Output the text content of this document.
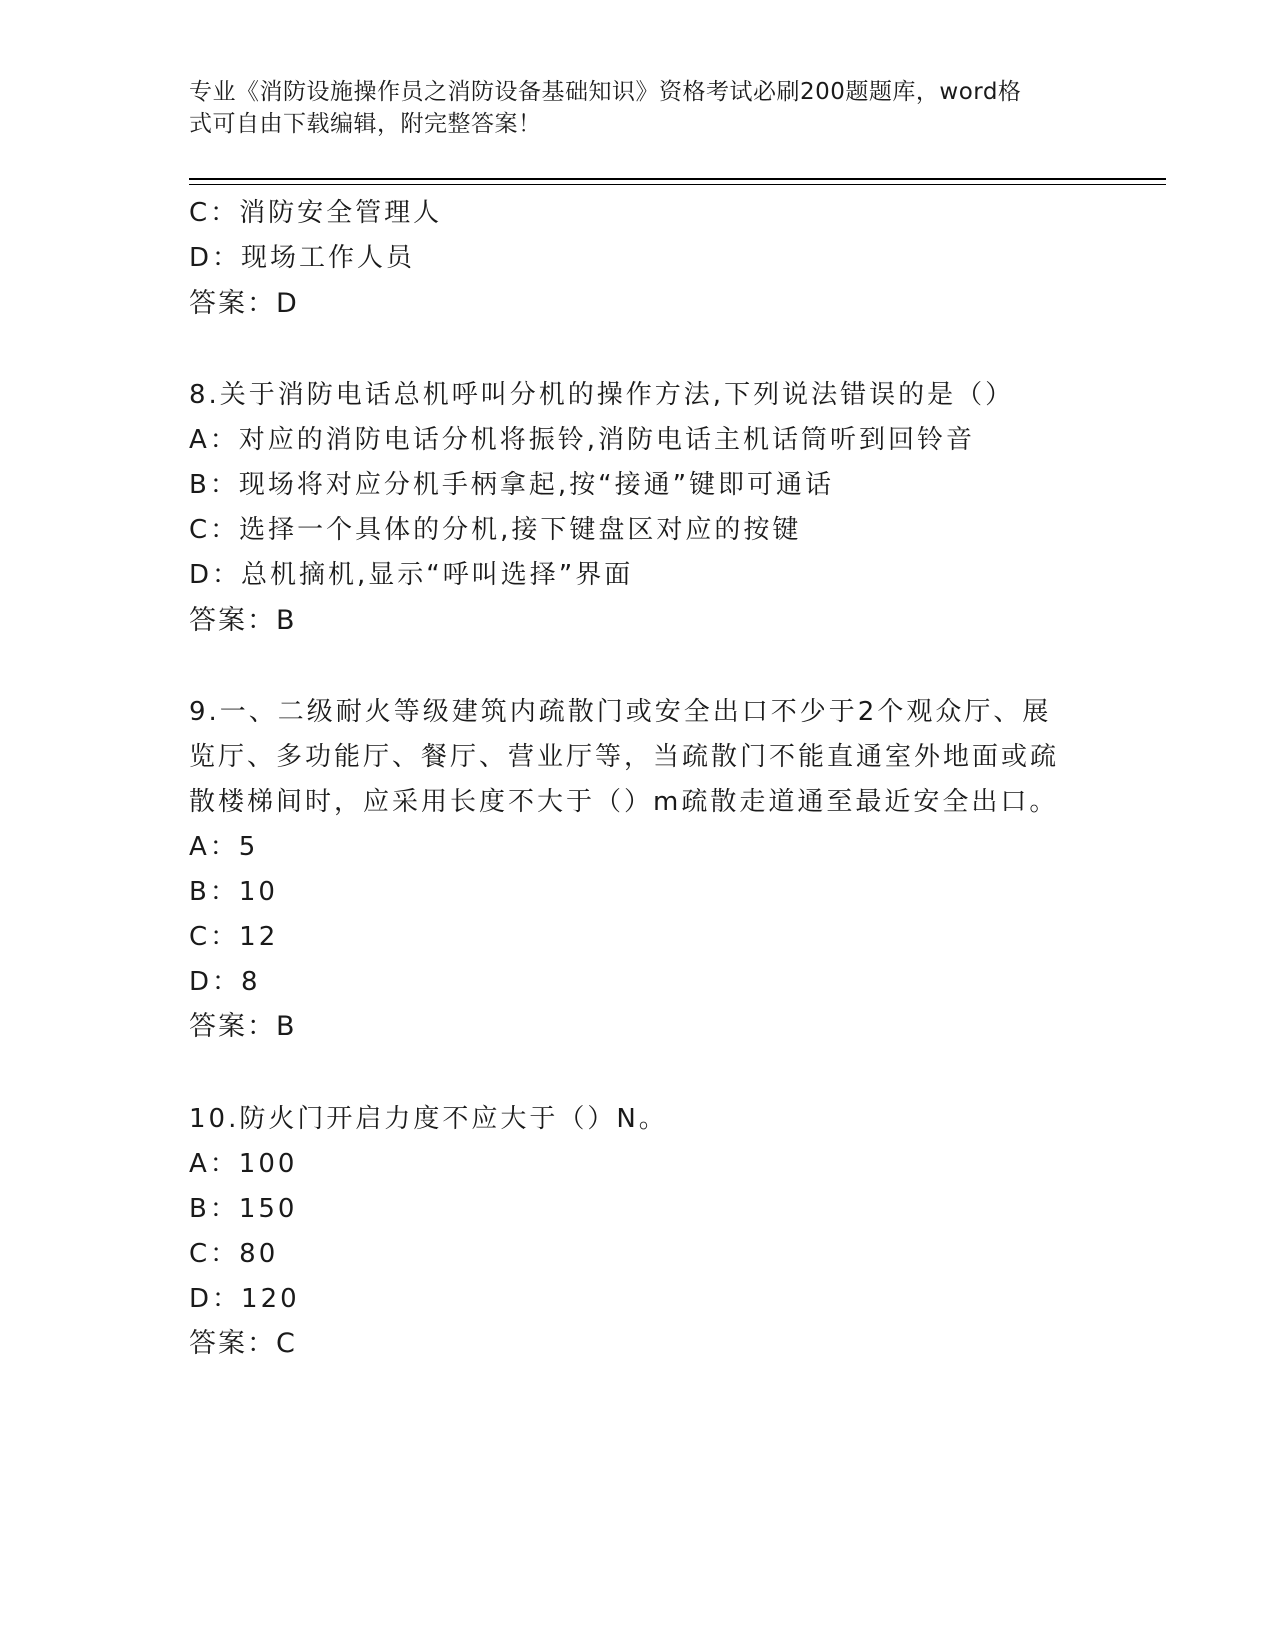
专业《消防设施操作员之消防设备基础知识》资格考试必刷200题题库，word格
式可自由下载编辑，附完整答案！
C：消防安全管理人
D：现场工作人员
答案：D
8.关于消防电话总机呼叫分机的操作方法,下列说法错误的是（）
A：对应的消防电话分机将振铃,消防电话主机话筒听到回铃音
B：现场将对应分机手柄拿起,按“接通”键即可通话
C：选择一个具体的分机,接下键盘区对应的按键
D：总机摘机,显示“呼叫选择”界面
答案：B
9.一、二级耐火等级建筑内疏散门或安全出口不少于2个观众厅、展
览厅、多功能厅、餐厅、营业厅等，当疏散门不能直通室外地面或疏
散楼梯间时，应采用长度不大于（）m疏散走道通至最近安全出口。
A：5
B：10
C：12
D：8
答案：B
10.防火门开启力度不应大于（）N。
A：100
B：150
C：80
D：120
答案：C
